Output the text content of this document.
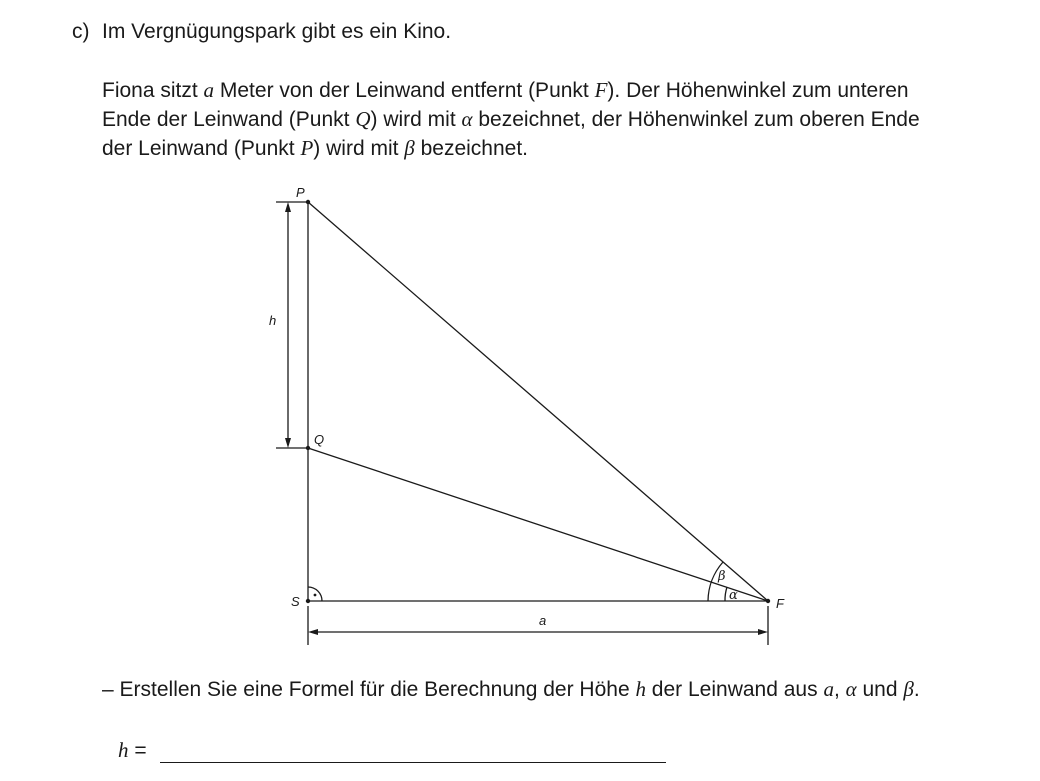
c) Im Vergnügungspark gibt es ein Kino.
Fiona sitzt a Meter von der Leinwand entfernt (Punkt F). Der Höhenwinkel zum unteren
Ende der Leinwand (Punkt Q) wird mit α bezeichnet, der Höhenwinkel zum oberen Ende
der Leinwand (Punkt P) wird mit β bezeichnet.
P
Q
S	F
h
a
α
β
– Erstellen Sie eine Formel für die Berechnung der Höhe h der Leinwand aus a, α und β.
h =
